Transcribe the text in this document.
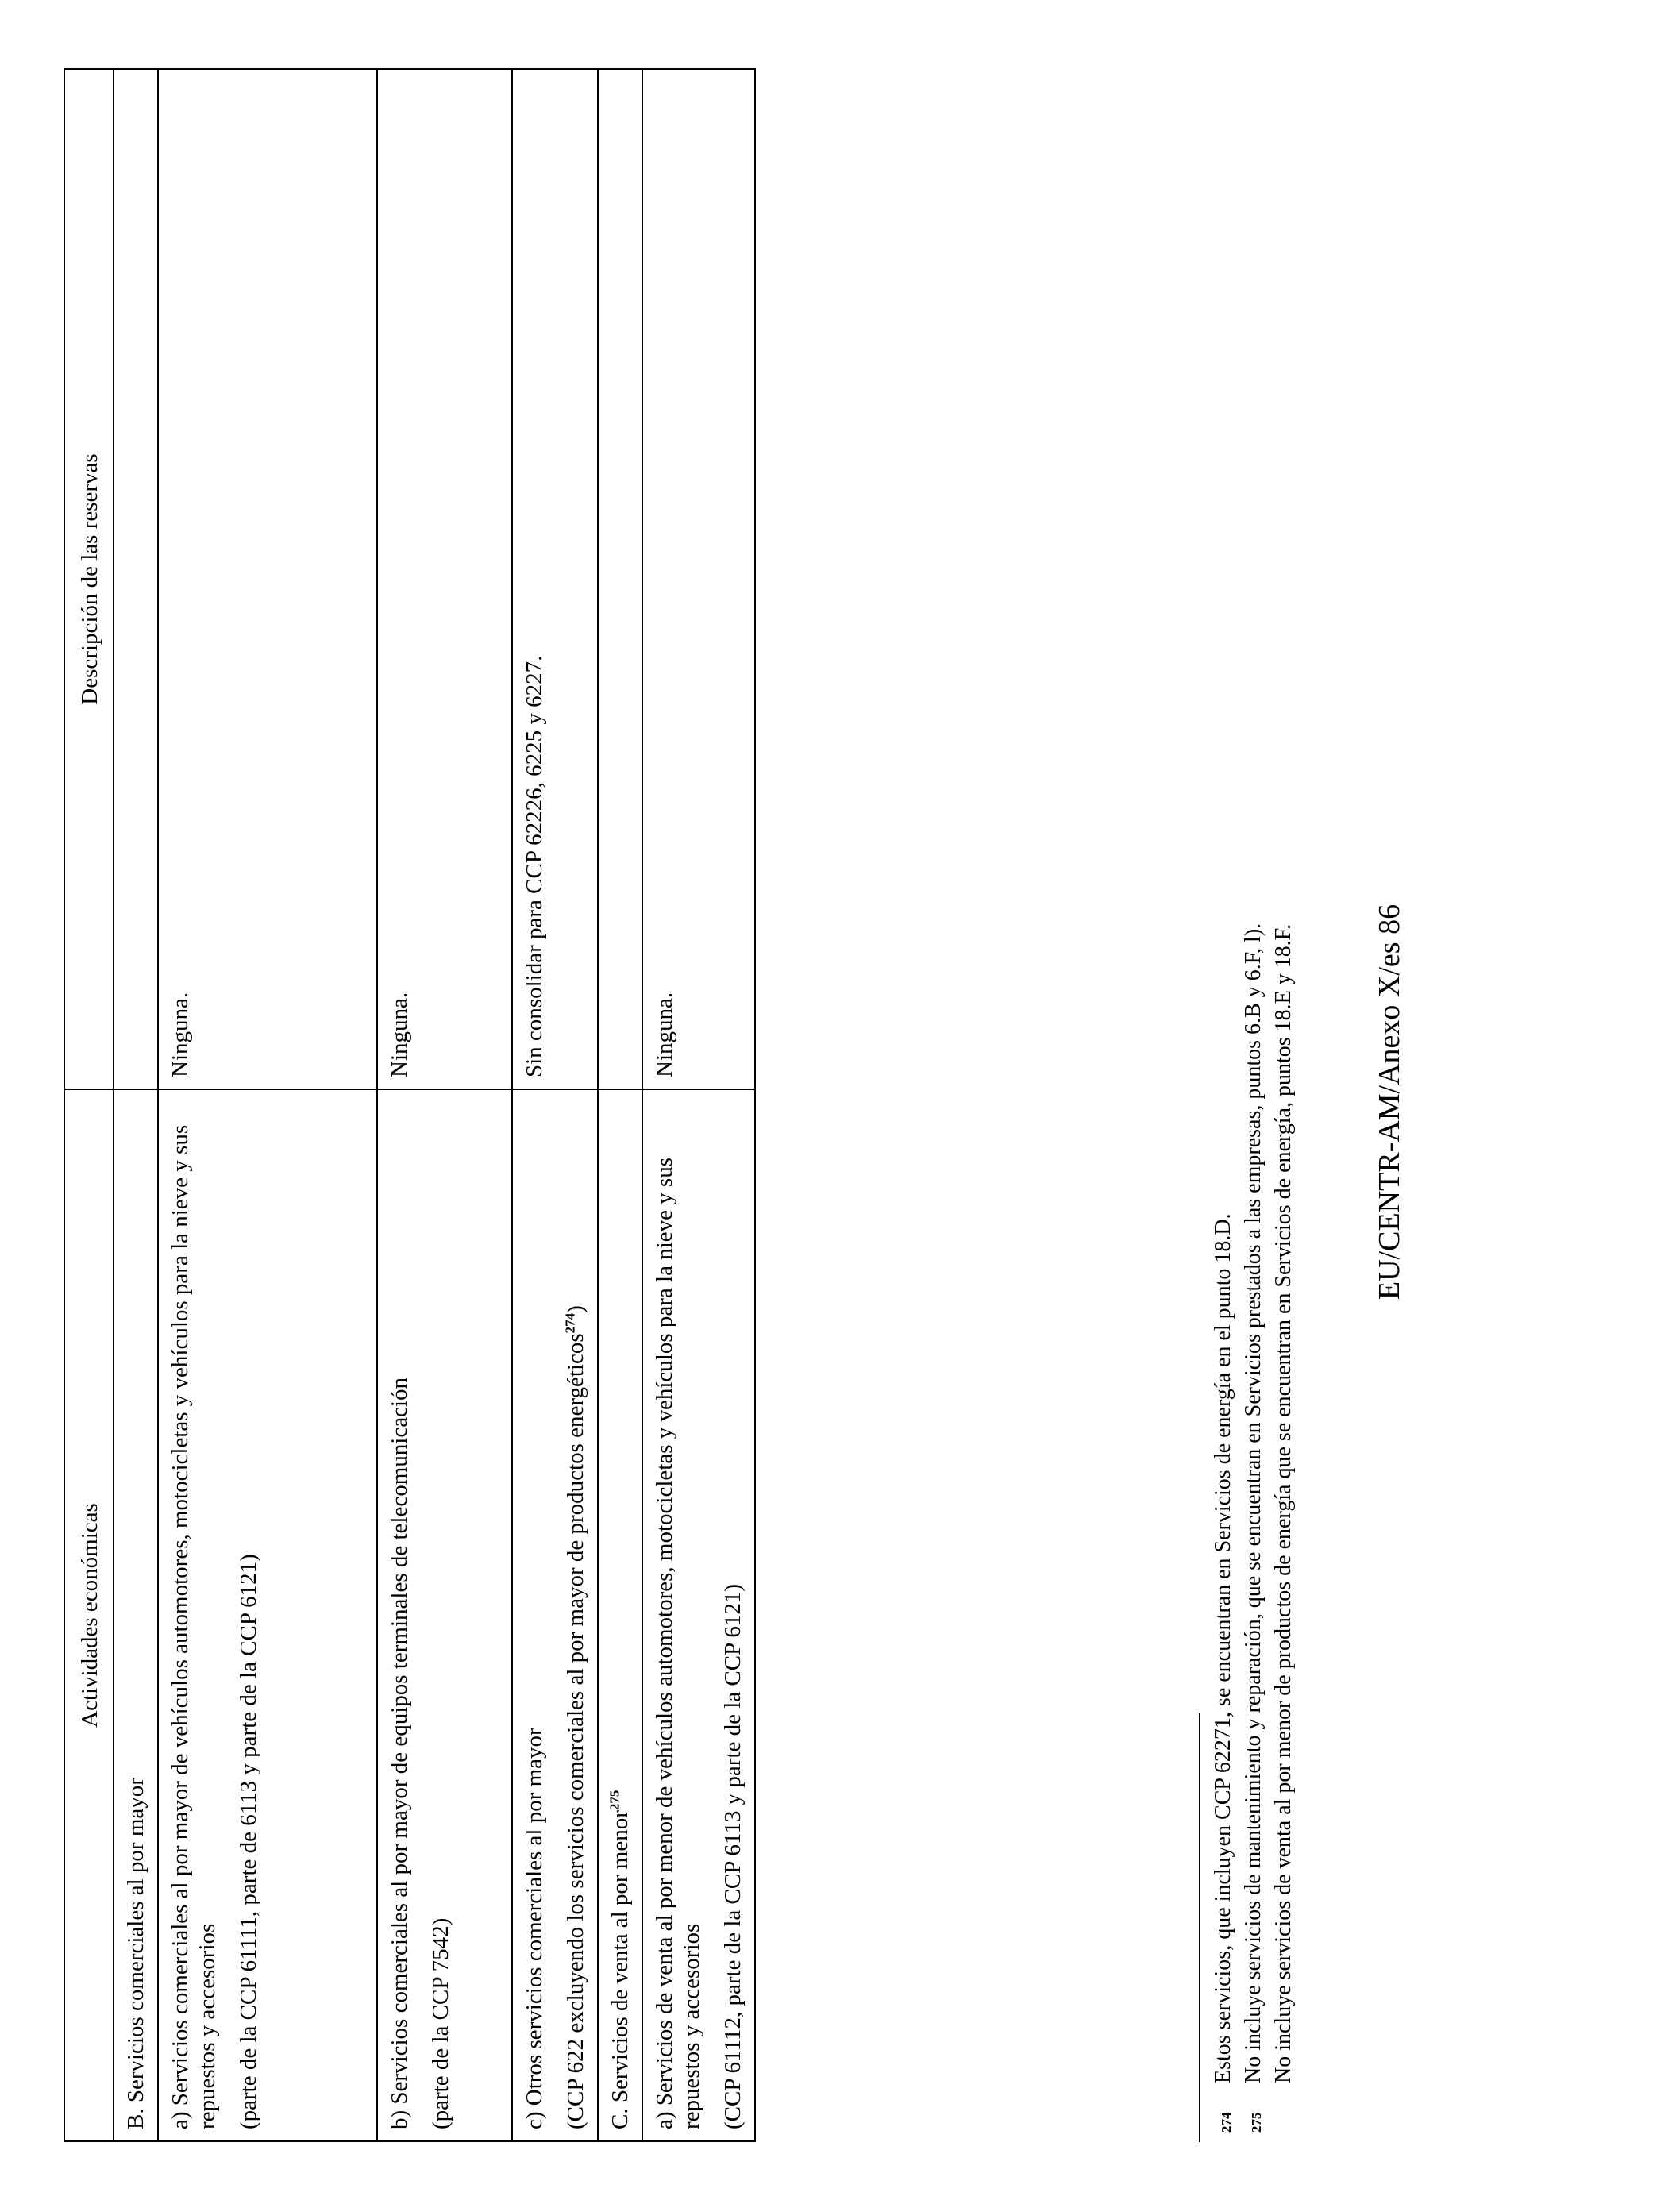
Actividades económicas	Descripción de las reservas
B. Servicios comerciales al por mayor	

a) Servicios comerciales al por mayor de vehículos automotores, motocicletas y vehículos para la nieve y sus repuestos y accesorios (parte de la CCP 61111, parte de 6113 y parte de la CCP 6121)	Ninguna.

b) Servicios comerciales al por mayor de equipos terminales de telecomunicación (parte de la CCP 7542)	Ninguna.

c) Otros servicios comerciales al por mayor (CCP 622 excluyendo los servicios comerciales al por mayor de productos energéticos$^{274}$)	Sin consolidar para CCP 62226, 6225 y 6227.
C. Servicios de venta al por menor$^{275}$	

a) Servicios de venta al por menor de vehículos automotores, motocicletas y vehículos para la nieve y sus repuestos y accesorios (CCP 61112, parte de la CCP 6113 y parte de la CCP 6121)	Ninguna.
274
Estos servicios, que incluyen CCP 62271, se encuentran en Servicios de energía en el punto 18.D.
275
No incluye servicios de mantenimiento y reparación, que se encuentran en Servicios prestados a las empresas, puntos 6.B y 6.F, l). No incluye servicios de venta al por menor de productos de energía que se encuentran en Servicios de energía, puntos 18.E y 18.F.	EU/CENTR-AM/Anexo X/es 86
